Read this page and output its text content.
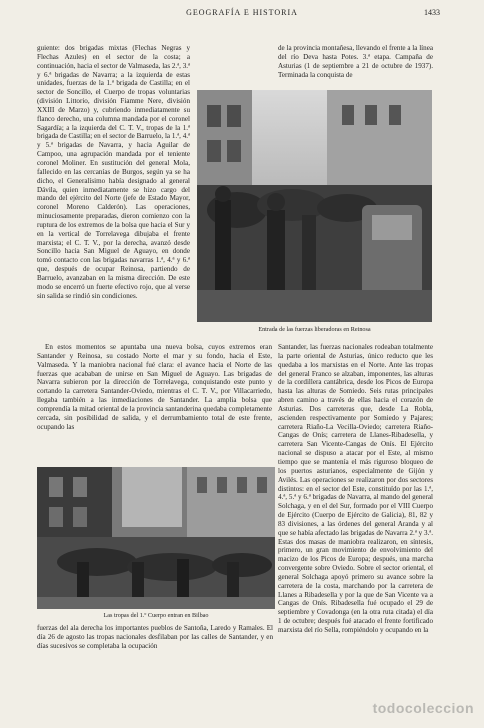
GEOGRAFÍA E HISTORIA	1433

guiente: dos brigadas mixtas (Flechas Negras y Flechas Azules) en el sector de la costa; a continuación, hacia el sector de Valmaseda, las 2.ª, 3.ª y 6.ª brigadas de Navarra; a la izquierda de estas unidades, fuerzas de la 1.ª brigada de Castilla; en el sector de Soncillo, el Cuerpo de tropas voluntarias (división Littorio, división Fiamme Nere, división XXIII de Marzo) y, cubriendo inmediatamente su flanco derecho, una columna mandada por el coronel Sagardía; a la izquierda del C. T. V., tropas de la 1.ª brigada de Castilla; en el sector de Barruelo, la 1.ª, 4.ª y 5.ª brigadas de Navarra, y hacia Aguilar de Campoo, una agrupación mandada por el teniente coronel Moliner. En sustitución del general Mola, fallecido en las cercanías de Burgos, según ya se ha dicho, el Generalísimo había designado al general Dávila, quien inmediatamente se hizo cargo del mando del ejército del Norte (jefe de Estado Mayor, coronel Moreno Calderón). Las operaciones, minuciosamente preparadas, dieron comienzo con la ruptura de los extremos de la bolsa que hacia el Sur y en la vertical de Torrelavega dibujaba el frente marxista; el C. T. V., por la derecha, avanzó desde Soncillo hacia San Miguel de Aguayo, en donde tomó contacto con las brigadas navarras 1.ª, 4.ª y 6.ª que, después de ocupar Reinosa, partiendo de Barruelo, avanzaban en la misma dirección. De este modo se encerró un fuerte efectivo rojo, que al verse sin salida se rindió sin condiciones.

Entrada de las fuerzas liberadoras en Reinosa

de la provincia montañesa, llevando el frente a la línea del río Deva hasta Potes. 3.ª etapa. Campaña de Asturias (1 de septiembre a 21 de octubre de 1937). Terminada la conquista de

En estos momentos se apuntaba una nueva bolsa, cuyos extremos eran Santander y Reinosa, su costado Norte el mar y su fondo, hacia el Este, Valmaseda. Y la maniobra nacional fué clara: el avance hacia el Norte de las fuerzas que acababan de unirse en San Miguel de Aguayo. Las brigadas de Navarra subieron por la dirección de Torrelavega, conquistando este punto y cortando la carretera Santander-Oviedo, mientras el C. T. V., por Villacarriedo, llegaba también a las inmediaciones de Santander. La amplia bolsa que comprendía la mitad oriental de la provincia santanderina quedaba completamente cercada, sin posibilidad de salida, y el derrumbamiento total de este frente, ocupando las

Santander, las fuerzas nacionales rodeaban totalmente la parte oriental de Asturias, único reducto que les quedaba a los marxistas en el Norte. Ante las tropas del general Franco se alzaban, imponentes, las alturas de la cordillera cantábrica, desde los Picos de Europa hasta las alturas de Somiedo. Seis rutas principales abren camino a través de ellas hacia el corazón de Asturias. Dos carreteras que, desde La Robla, ascienden respectivamente por Somiedo y Pajares; carretera Riaño-La Vecilla-Oviedo; carretera Riaño-Cangas de Onís; carretera de Llanes-Ribadesella, y carretera San Vicente-Cangas de Onís. El Ejército nacional se dispuso a atacar por el Este, al mismo tiempo que se mantenía el más riguroso bloqueo de los puertos asturianos, especialmente de Gijón y Avilés. Las operaciones se realizaron por dos sectores distintos: en el sector del Este, constituído por las 1.ª, 4.ª, 5.ª y 6.ª brigadas de Navarra, al mando del general Solchaga, y en el del Sur, formado por el VIII Cuerpo de Ejército (Cuerpo de Ejército de Galicia), 81, 82 y 83 divisiones, a las órdenes del general Aranda y al que se había afectado las brigadas de Navarra 2.ª y 3.ª. Estas dos masas de maniobra realizaron, en síntesis, primero, un gran movimiento de envolvimiento del macizo de los Picos de Europa; después, una marcha convergente sobre Oviedo. Sobre el sector oriental, el general Solchaga apoyó primero su avance sobre la carretera de la costa, marchando por la carretera de Llanes a Ribadesella y por la que de San Vicente va a Cangas de Onís. Ribadesella fué ocupado el 29 de septiembre y Covadonga (en la otra ruta citada) el día 1 de octubre; después fué atacado el frente fortificado marxista del río Sella, rompiéndolo y ocupando en la

Las tropas del 1.º Cuerpo entran en Bilbao

fuerzas del ala derecha los importantes pueblos de Santoña, Laredo y Ramales. El día 26 de agosto las tropas nacionales desfilaban por las calles de Santander, y en días sucesivos se completaba la ocupación

todocoleccion
